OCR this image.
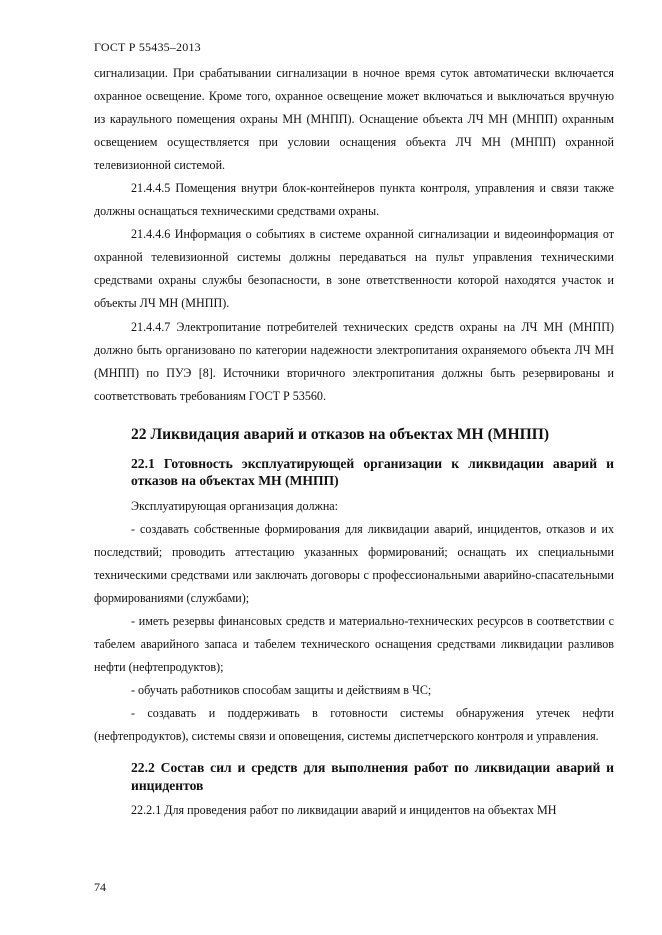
ГОСТ Р 55435–2013

сигнализации. При срабатывании сигнализации в ночное время суток автоматически включается охранное освещение. Кроме того, охранное освещение может включаться и выключаться вручную из караульного помещения охраны МН (МНПП). Оснащение объекта ЛЧ МН (МНПП) охранным освещением осуществляется при условии оснащения объекта ЛЧ МН (МНПП) охранной телевизионной системой.

21.4.4.5 Помещения внутри блок-контейнеров пункта контроля, управления и связи также должны оснащаться техническими средствами охраны.

21.4.4.6 Информация о событиях в системе охранной сигнализации и видеоинформация от охранной телевизионной системы должны передаваться на пульт управления техническими средствами охраны службы безопасности, в зоне ответственности которой находятся участок и объекты ЛЧ МН (МНПП).

21.4.4.7 Электропитание потребителей технических средств охраны на ЛЧ МН (МНПП) должно быть организовано по категории надежности электропитания охраняемого объекта ЛЧ МН (МНПП) по ПУЭ [8]. Источники вторичного электропитания должны быть резервированы и соответствовать требованиям ГОСТ Р 53560.

22 Ликвидация аварий и отказов на объектах МН (МНПП)
22.1 Готовность эксплуатирующей организации к ликвидации аварий и отказов на объектах МН (МНПП)

Эксплуатирующая организация должна:

- создавать собственные формирования для ликвидации аварий, инцидентов, отказов и их последствий; проводить аттестацию указанных формирований; оснащать их специальными техническими средствами или заключать договоры с профессиональными аварийно-спасательными формированиями (службами);

- иметь резервы финансовых средств и материально-технических ресурсов в соответствии с табелем аварийного запаса и табелем технического оснащения средствами ликвидации разливов нефти (нефтепродуктов);

- обучать работников способам защиты и действиям в ЧС;

- создавать и поддерживать в готовности системы обнаружения утечек нефти (нефтепродуктов), системы связи и оповещения, системы диспетчерского контроля и управления.

22.2 Состав сил и средств для выполнения работ по ликвидации аварий и инцидентов

22.2.1 Для проведения работ по ликвидации аварий и инцидентов на объектах МН

74
